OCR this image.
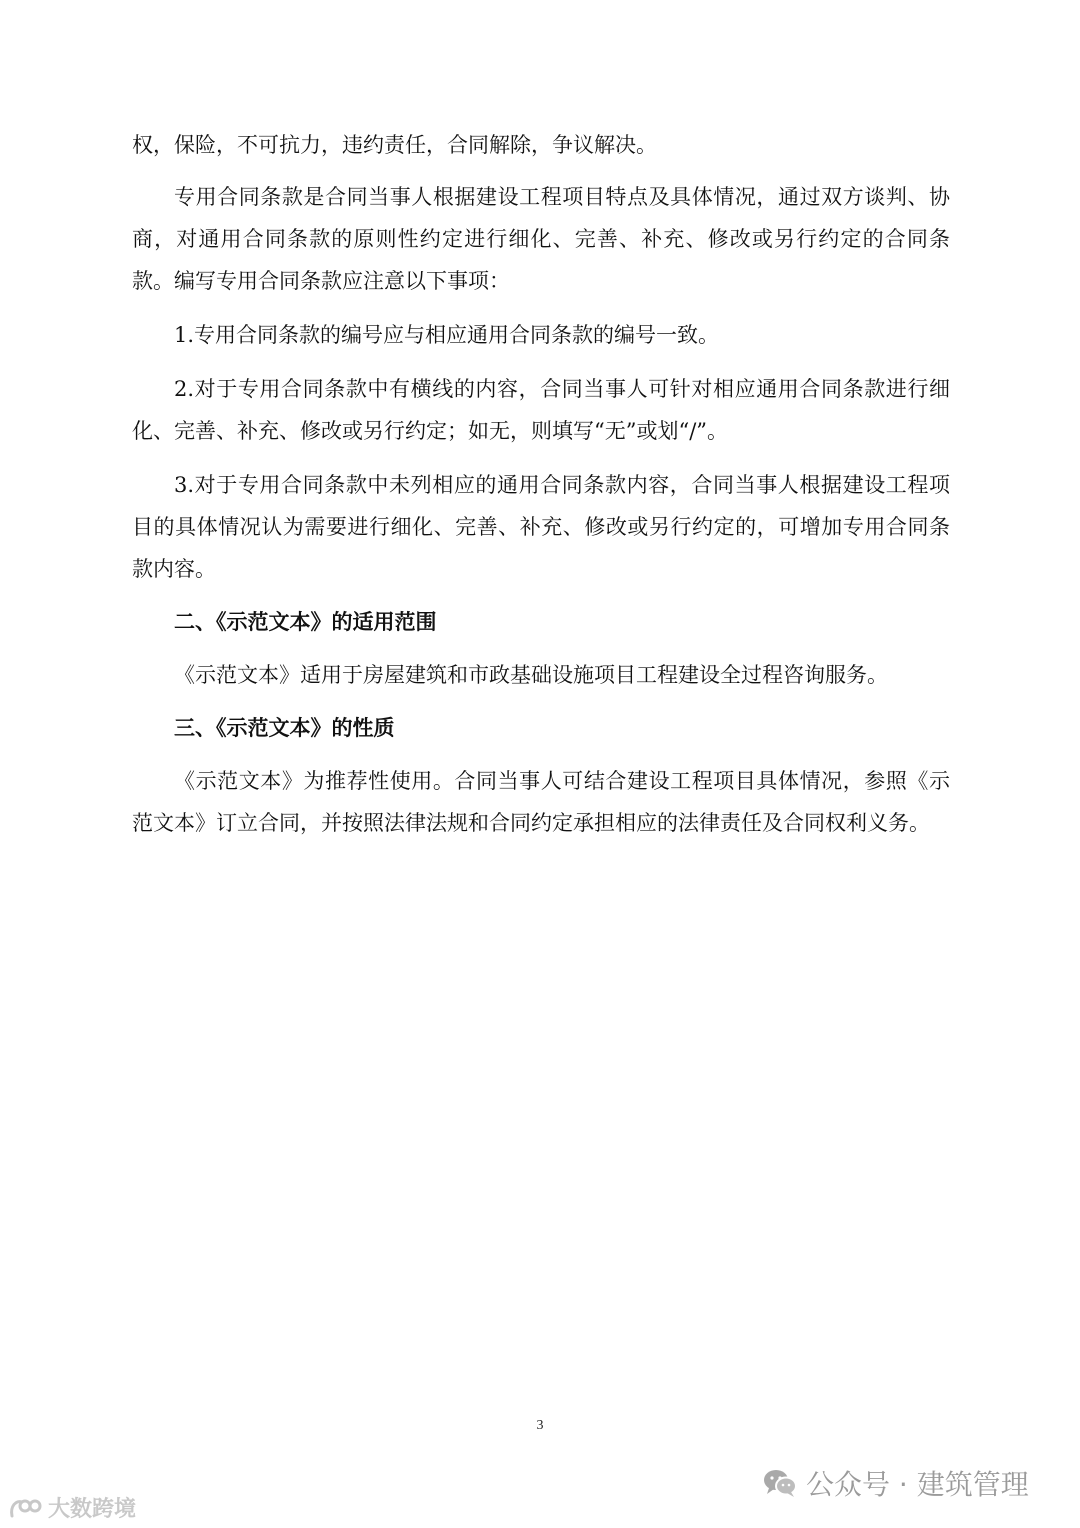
权，保险，不可抗力，违约责任，合同解除，争议解决。
专用合同条款是合同当事人根据建设工程项目特点及具体情况，通过双方谈判、协商，对通用合同条款的原则性约定进行细化、完善、补充、修改或另行约定的合同条款。编写专用合同条款应注意以下事项：
1.专用合同条款的编号应与相应通用合同条款的编号一致。
2.对于专用合同条款中有横线的内容，合同当事人可针对相应通用合同条款进行细化、完善、补充、修改或另行约定；如无，则填写“无”或划“/”。
3.对于专用合同条款中未列相应的通用合同条款内容，合同当事人根据建设工程项目的具体情况认为需要进行细化、完善、补充、修改或另行约定的，可增加专用合同条款内容。
二、《示范文本》的适用范围
《示范文本》适用于房屋建筑和市政基础设施项目工程建设全过程咨询服务。
三、《示范文本》的性质
《示范文本》为推荐性使用。合同当事人可结合建设工程项目具体情况，参照《示范文本》订立合同，并按照法律法规和合同约定承担相应的法律责任及合同权利义务。
3
公众号 · 建筑管理
大数跨境
